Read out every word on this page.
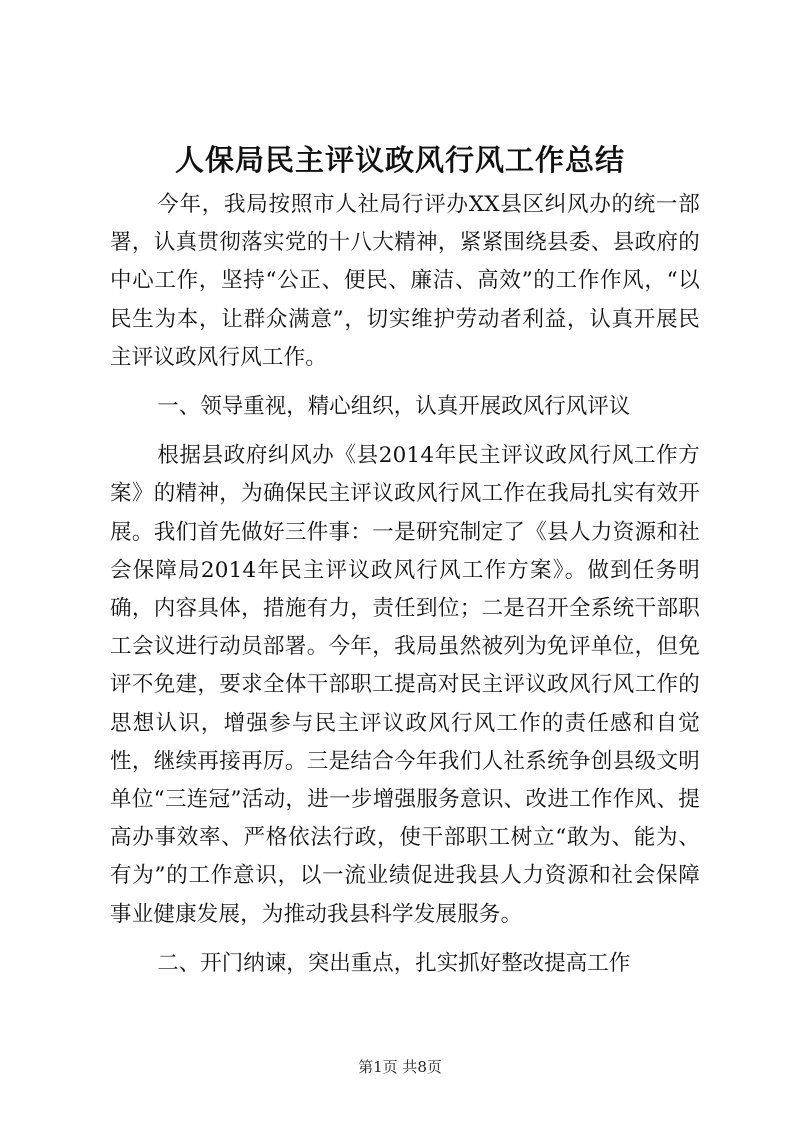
人保局民主评议政风行风工作总结

今年，我局按照市人社局行评办XX县区纠风办的统一部署，认真贯彻落实党的十八大精神，紧紧围绕县委、县政府的中心工作，坚持“公正、便民、廉洁、高效”的工作作风，“以民生为本，让群众满意”，切实维护劳动者利益，认真开展民主评议政风行风工作。

一、领导重视，精心组织，认真开展政风行风评议

根据县政府纠风办《县2014年民主评议政风行风工作方案》的精神，为确保民主评议政风行风工作在我局扎实有效开展。我们首先做好三件事：一是研究制定了《县人力资源和社会保障局2014年民主评议政风行风工作方案》。做到任务明确，内容具体，措施有力，责任到位；二是召开全系统干部职工会议进行动员部署。今年，我局虽然被列为免评单位，但免评不免建，要求全体干部职工提高对民主评议政风行风工作的思想认识，增强参与民主评议政风行风工作的责任感和自觉性，继续再接再厉。三是结合今年我们人社系统争创县级文明单位“三连冠”活动，进一步增强服务意识、改进工作作风、提高办事效率、严格依法行政，使干部职工树立“敢为、能为、有为”的工作意识，以一流业绩促进我县人力资源和社会保障事业健康发展，为推动我县科学发展服务。

二、开门纳谏，突出重点，扎实抓好整改提高工作

第1页 共8页
